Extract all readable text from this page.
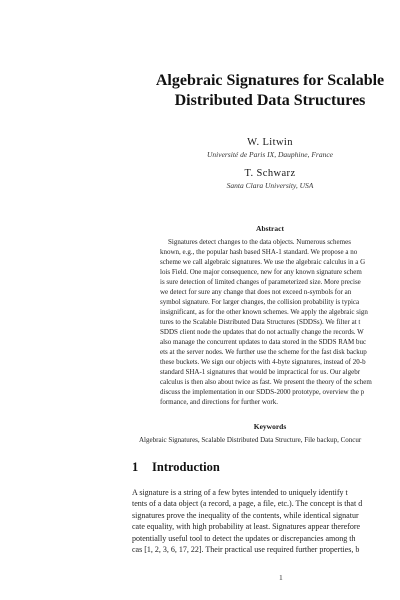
Algebraic Signatures for Scalable
Distributed Data Structures
W. Litwin
Université de Paris IX, Dauphine, France
T. Schwarz
Santa Clara University, USA
Abstract
Signatures detect changes to the data objects. Numerous schemes
known, e.g., the popular hash based SHA-1 standard. We propose a no
scheme we call algebraic signatures. We use the algebraic calculus in a G
lois Field. One major consequence, new for any known signature schem
is sure detection of limited changes of parameterized size. More precise
we detect for sure any change that does not exceed n-symbols for an
symbol signature. For larger changes, the collision probability is typica
insignificant, as for the other known schemes. We apply the algebraic sign
tures to the Scalable Distributed Data Structures (SDDSs). We filter at t
SDDS client node the updates that do not actually change the records. W
also manage the concurrent updates to data stored in the SDDS RAM buc
ets at the server nodes. We further use the scheme for the fast disk backup
these buckets. We sign our objects with 4-byte signatures, instead of 20-b
standard SHA-1 signatures that would be impractical for us. Our algebr
calculus is then also about twice as fast. We present the theory of the schem
discuss the implementation in our SDDS-2000 prototype, overview the p
formance, and directions for further work.
Keywords
Algebraic Signatures, Scalable Distributed Data Structure, File backup, Concur
1 Introduction
A signature is a string of a few bytes intended to uniquely identify t
tents of a data object (a record, a page, a file, etc.). The concept is that d
signatures prove the inequality of the contents, while identical signatur
cate equality, with high probability at least. Signatures appear therefore
potentially useful tool to detect the updates or discrepancies among th
cas [1, 2, 3, 6, 17, 22]. Their practical use required further properties, b
1
